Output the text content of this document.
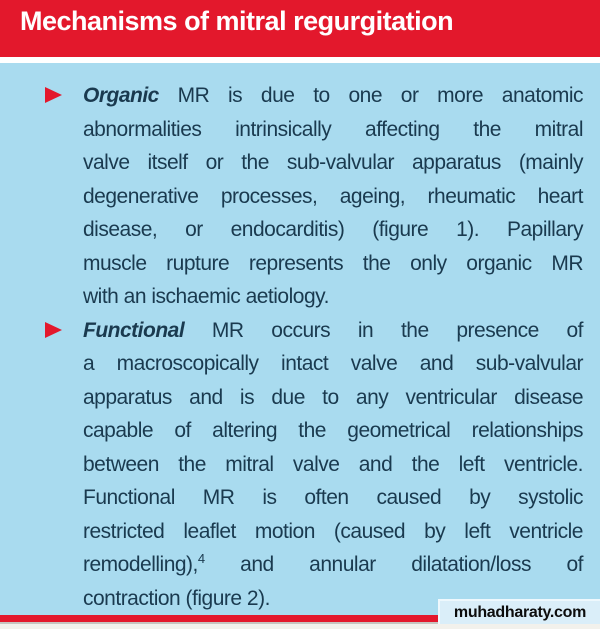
Mechanisms of mitral regurgitation
Organic MR is due to one or more anatomic
abnormalities intrinsically affecting the mitral
valve itself or the sub-valvular apparatus (mainly
degenerative processes, ageing, rheumatic heart
disease, or endocarditis) (figure 1). Papillary
muscle rupture represents the only organic MR
with an ischaemic aetiology.
Functional MR occurs in the presence of
a macroscopically intact valve and sub-valvular
apparatus and is due to any ventricular disease
capable of altering the geometrical relationships
between the mitral valve and the left ventricle.
Functional MR is often caused by systolic
restricted leaflet motion (caused by left ventricle
remodelling),$^4$ and annular dilatation/loss of
contraction (figure 2).
muhadharaty.com
